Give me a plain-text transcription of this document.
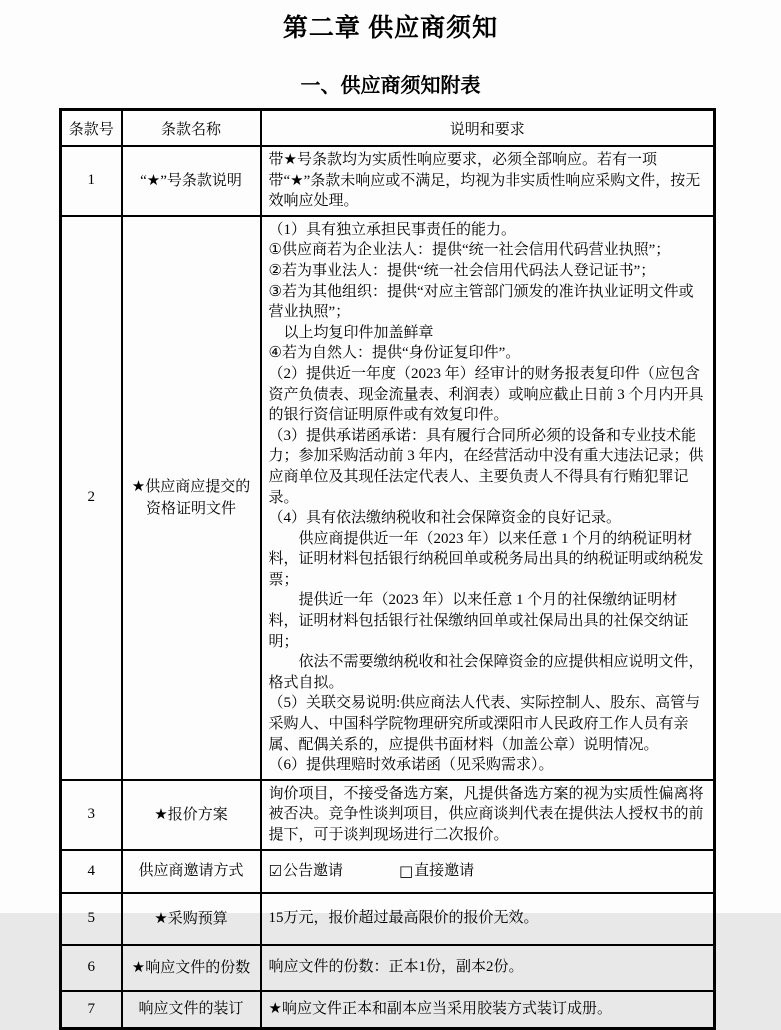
第二章 供应商须知
一、供应商须知附表
条款号	条款名称	说明和要求
1	“★”号条款说明	带★号条款均为实质性响应要求，必须全部响应。若有一项带“★”条款未响应或不满足，均视为非实质性响应采购文件，按无效响应处理。

2	★供应商应提交的资格证明文件	
（1）具有独立承担民事责任的能力。
①供应商若为企业法人：提供“统一社会信用代码营业执照”；
②若为事业法人：提供“统一社会信用代码法人登记证书”；
③若为其他组织：提供“对应主管部门颁发的准许执业证明文件或营业执照”；
以上均复印件加盖鲜章
④若为自然人：提供“身份证复印件”。
（2）提供近一年度（2023 年）经审计的财务报表复印件（应包含资产负债表、现金流量表、利润表）或响应截止日前 3 个月内开具的银行资信证明原件或有效复印件。
（3）提供承诺函承诺：具有履行合同所必须的设备和专业技术能力；参加采购活动前 3 年内，在经营活动中没有重大违法记录；供应商单位及其现任法定代表人、主要负责人不得具有行贿犯罪记录。
（4）具有依法缴纳税收和社会保障资金的良好记录。
供应商提供近一年（2023 年）以来任意 1 个月的纳税证明材料，证明材料包括银行纳税回单或税务局出具的纳税证明或纳税发票；
提供近一年（2023 年）以来任意 1 个月的社保缴纳证明材料，证明材料包括银行社保缴纳回单或社保局出具的社保交纳证明；
依法不需要缴纳税收和社会保障资金的应提供相应说明文件，格式自拟。
（5）关联交易说明:供应商法人代表、实际控制人、股东、高管与采购人、中国科学院物理研究所或溧阳市人民政府工作人员有亲属、配偶关系的，应提供书面材料（加盖公章）说明情况。
（6）提供理赔时效承诺函（见采购需求）。

3	★报价方案	询价项目，不接受备选方案，凡提供备选方案的视为实质性偏离将被否决。竞争性谈判项目，供应商谈判代表在提供法人授权书的前提下，可于谈判现场进行二次报价。

4	供应商邀请方式	☑ 公告邀请 □ 直接邀请

5	★采购预算	15万元，报价超过最高限价的报价无效。

6	★响应文件的份数	响应文件的份数：正本1份，副本2份。

7	响应文件的装订	★响应文件正本和副本应当采用胶装方式装订成册。
